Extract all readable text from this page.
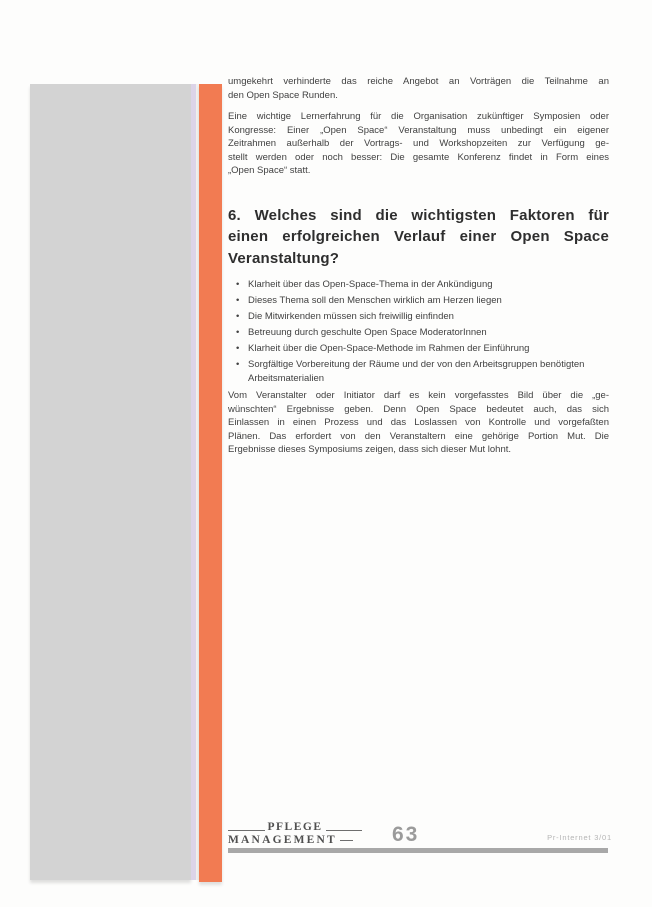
umgekehrt verhinderte das reiche Angebot an Vorträgen die Teilnahme an
den Open Space Runden.

Eine wichtige Lernerfahrung für die Organisation zukünftiger Symposien oder
Kongresse: Einer „Open Space“ Veranstaltung muss unbedingt ein eigener
Zeitrahmen außerhalb der Vortrags- und Workshopzeiten zur Verfügung ge-
stellt werden oder noch besser: Die gesamte Konferenz findet in Form eines
„Open Space“ statt.

6. Welches sind die wichtigsten Faktoren für
einen erfolgreichen Verlauf einer Open Space
Veranstaltung?
• Klarheit über das Open-Space-Thema in der Ankündigung
• Dieses Thema soll den Menschen wirklich am Herzen liegen
• Die Mitwirkenden müssen sich freiwillig einfinden
• Betreuung durch geschulte Open Space ModeratorInnen
• Klarheit über die Open-Space-Methode im Rahmen der Einführung
• Sorgfältige Vorbereitung der Räume und der von den Arbeitsgruppen benötigten Arbeitsmaterialien

Vom Veranstalter oder Initiator darf es kein vorgefasstes Bild über die „ge-
wünschten“ Ergebnisse geben. Denn Open Space bedeutet auch, das sich
Einlassen in einen Prozess und das Loslassen von Kontrolle und vorgefaßten
Plänen. Das erfordert von den Veranstaltern eine gehörige Portion Mut. Die
Ergebnisse dieses Symposiums zeigen, dass sich dieser Mut lohnt.

PFLEGE
MANAGEMENT	63	Pr-Internet 3/01
